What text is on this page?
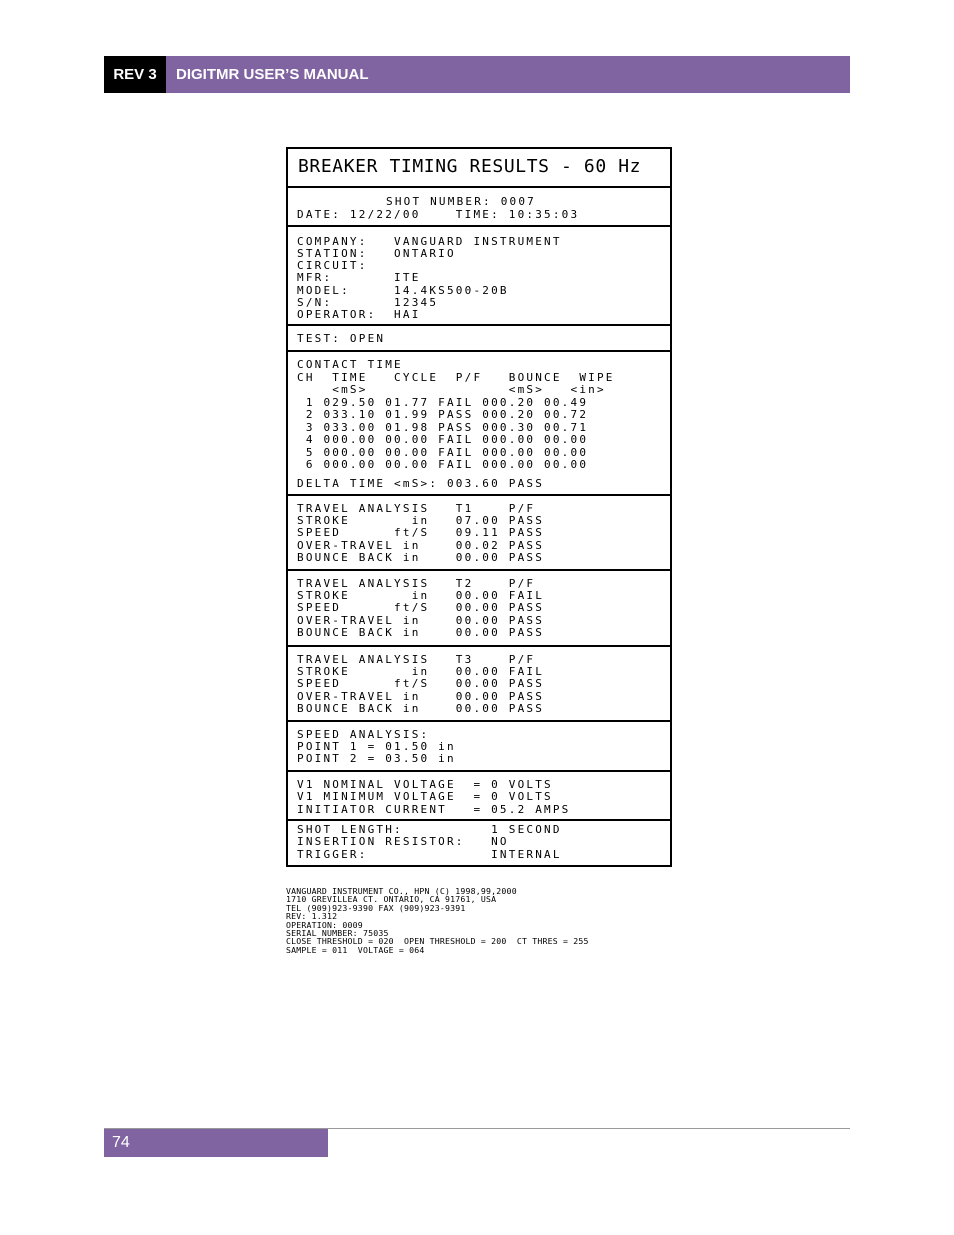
REV 3	DIGITMR USER’S MANUAL
BREAKER TIMING RESULTS - 60 Hz
SHOT NUMBER: 0007
DATE: 12/22/00    TIME: 10:35:03
COMPANY:   VANGUARD INSTRUMENT
STATION:   ONTARIO
CIRCUIT:
MFR:       ITE
MODEL:     14.4KS500-20B
S/N:       12345
OPERATOR:  HAI
TEST: OPEN
CONTACT TIME
CH  TIME   CYCLE  P/F   BOUNCE  WIPE
<mS>                <mS>   <in>
1 029.50 01.77 FAIL 000.20 00.49
2 033.10 01.99 PASS 000.20 00.72
3 033.00 01.98 PASS 000.30 00.71
4 000.00 00.00 FAIL 000.00 00.00
5 000.00 00.00 FAIL 000.00 00.00
6 000.00 00.00 FAIL 000.00 00.00
DELTA TIME <mS>: 003.60 PASS
TRAVEL ANALYSIS   T1    P/F
STROKE       in   07.00 PASS
SPEED      ft/S   09.11 PASS
OVER-TRAVEL in    00.02 PASS
BOUNCE BACK in    00.00 PASS
TRAVEL ANALYSIS   T2    P/F
STROKE       in   00.00 FAIL
SPEED      ft/S   00.00 PASS
OVER-TRAVEL in    00.00 PASS
BOUNCE BACK in    00.00 PASS
TRAVEL ANALYSIS   T3    P/F
STROKE       in   00.00 FAIL
SPEED      ft/S   00.00 PASS
OVER-TRAVEL in    00.00 PASS
BOUNCE BACK in    00.00 PASS
SPEED ANALYSIS:
POINT 1 = 01.50 in
POINT 2 = 03.50 in
V1 NOMINAL VOLTAGE  = 0 VOLTS
V1 MINIMUM VOLTAGE  = 0 VOLTS
INITIATOR CURRENT   = 05.2 AMPS
SHOT LENGTH:          1 SECOND
INSERTION RESISTOR:   NO
TRIGGER:              INTERNAL
VANGUARD INSTRUMENT CO., HPN (C) 1998,99,2000
1710 GREVILLEA CT. ONTARIO, CA 91761, USA
TEL (909)923-9390 FAX (909)923-9391
REV: 1.312
OPERATION: 0009
SERIAL NUMBER: 75035
CLOSE THRESHOLD = 020  OPEN THRESHOLD = 200  CT THRES = 255
SAMPLE = 011  VOLTAGE = 064
74
